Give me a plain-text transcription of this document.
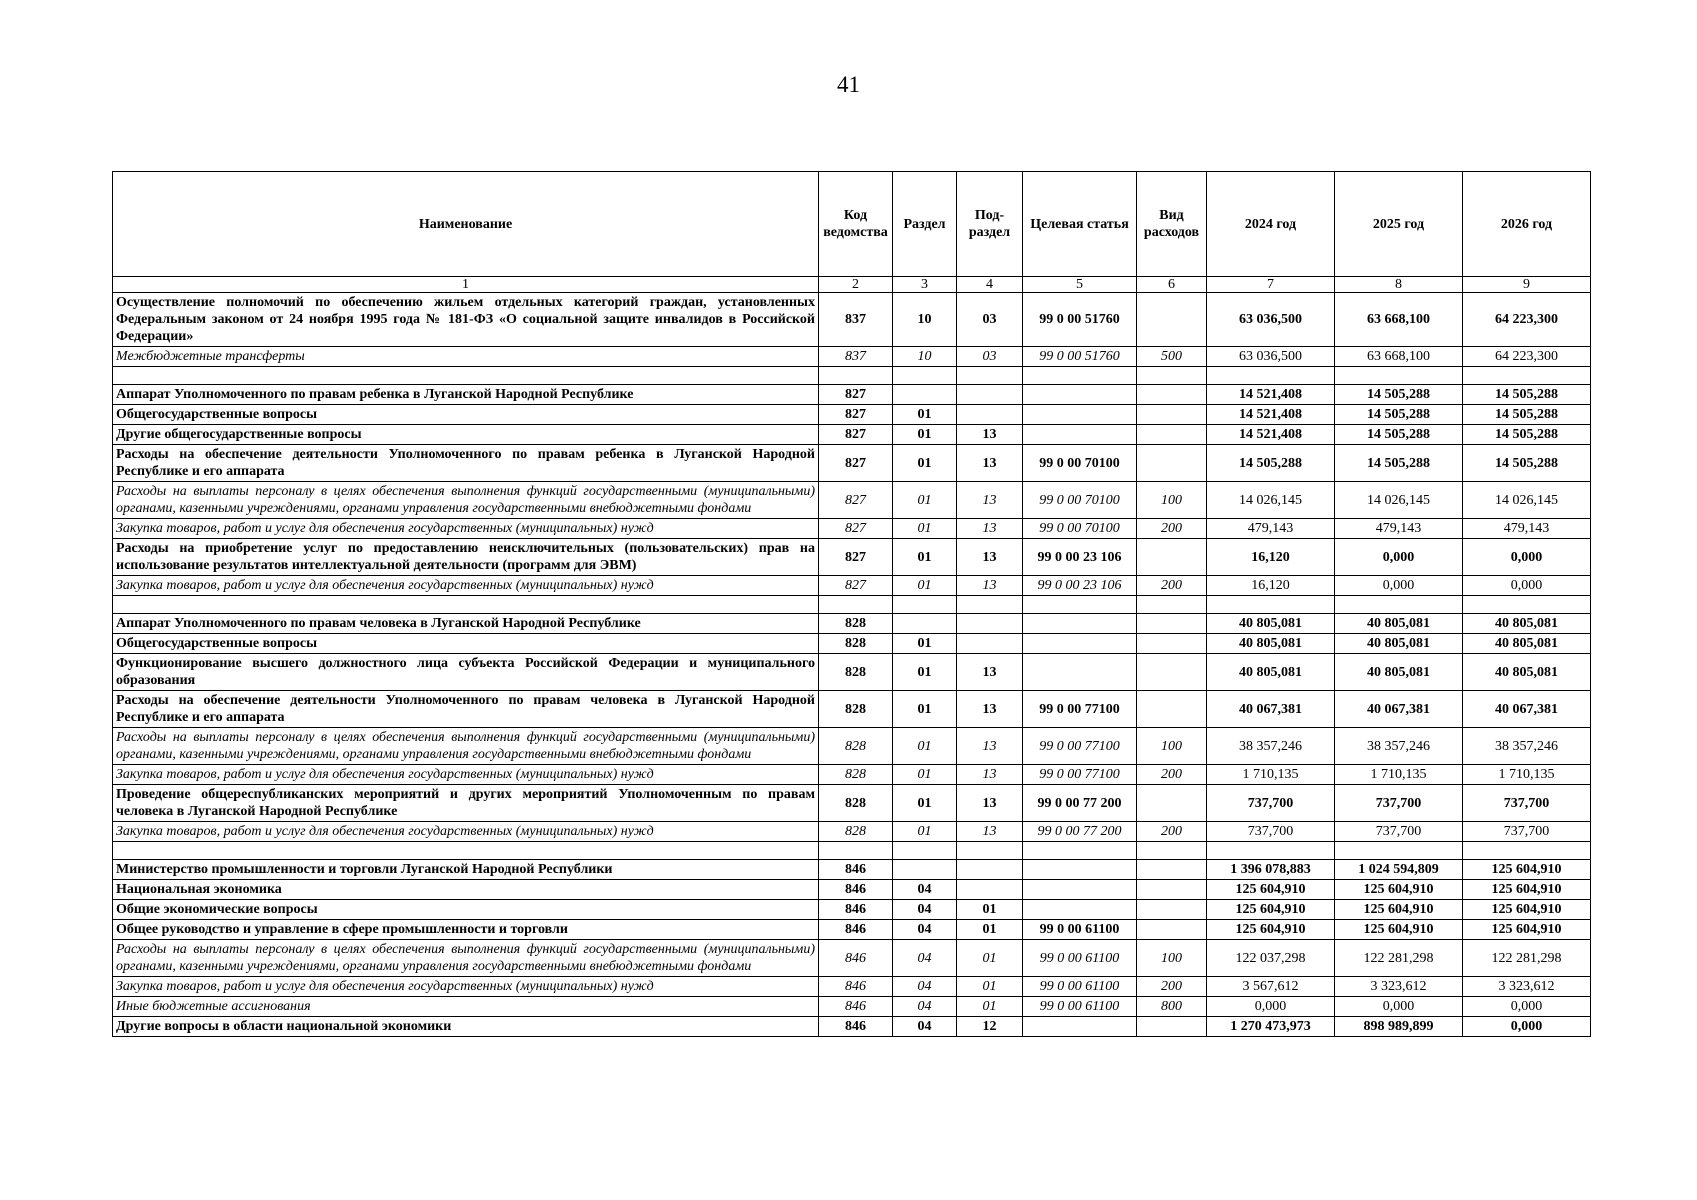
41
Наименование	Код ведомства	Раздел	Под-раздел	Целевая статья	Вид расходов	2024 год	2025 год	2026 год
1	2	3	4	5	6	7	8	9
Осуществление полномочий по обеспечению жильем отдельных категорий граждан, установленных Федеральным законом от 24 ноября 1995 года № 181-ФЗ «О социальной защите инвалидов в Российской Федерации»	837	10	03	99 0 00 51760		63 036,500	63 668,100	64 223,300
Межбюджетные трансферты	837	10	03	99 0 00 51760	500	63 036,500	63 668,100	64 223,300

Аппарат Уполномоченного по правам ребенка в Луганской Народной Республике	827					14 521,408	14 505,288	14 505,288
Общегосударственные вопросы	827	01				14 521,408	14 505,288	14 505,288
Другие общегосударственные вопросы	827	01	13			14 521,408	14 505,288	14 505,288
Расходы на обеспечение деятельности Уполномоченного по правам ребенка в Луганской Народной Республике и его аппарата	827	01	13	99 0 00 70100		14 505,288	14 505,288	14 505,288
Расходы на выплаты персоналу в целях обеспечения выполнения функций государственными (муниципальными) органами, казенными учреждениями, органами управления государственными внебюджетными фондами	827	01	13	99 0 00 70100	100	14 026,145	14 026,145	14 026,145
Закупка товаров, работ и услуг для обеспечения государственных (муниципальных) нужд	827	01	13	99 0 00 70100	200	479,143	479,143	479,143
Расходы на приобретение услуг по предоставлению неисключительных (пользовательских) прав на использование результатов интеллектуальной деятельности (программ для ЭВМ)	827	01	13	99 0 00 23 106		16,120	0,000	0,000
Закупка товаров, работ и услуг для обеспечения государственных (муниципальных) нужд	827	01	13	99 0 00 23 106	200	16,120	0,000	0,000

Аппарат Уполномоченного по правам человека в Луганской Народной Республике	828					40 805,081	40 805,081	40 805,081
Общегосударственные вопросы	828	01				40 805,081	40 805,081	40 805,081
Функционирование высшего должностного лица субъекта Российской Федерации и муниципального образования	828	01	13			40 805,081	40 805,081	40 805,081
Расходы на обеспечение деятельности Уполномоченного по правам человека в Луганской Народной Республике и его аппарата	828	01	13	99 0 00 77100		40 067,381	40 067,381	40 067,381
Расходы на выплаты персоналу в целях обеспечения выполнения функций государственными (муниципальными) органами, казенными учреждениями, органами управления государственными внебюджетными фондами	828	01	13	99 0 00 77100	100	38 357,246	38 357,246	38 357,246
Закупка товаров, работ и услуг для обеспечения государственных (муниципальных) нужд	828	01	13	99 0 00 77100	200	1 710,135	1 710,135	1 710,135
Проведение общереспубликанских мероприятий и других мероприятий Уполномоченным по правам человека в Луганской Народной Республике	828	01	13	99 0 00 77 200		737,700	737,700	737,700
Закупка товаров, работ и услуг для обеспечения государственных (муниципальных) нужд	828	01	13	99 0 00 77 200	200	737,700	737,700	737,700

Министерство промышленности и торговли Луганской Народной Республики	846					1 396 078,883	1 024 594,809	125 604,910
Национальная экономика	846	04				125 604,910	125 604,910	125 604,910
Общие экономические вопросы	846	04	01			125 604,910	125 604,910	125 604,910
Общее руководство и управление в сфере промышленности и торговли	846	04	01	99 0 00 61100		125 604,910	125 604,910	125 604,910
Расходы на выплаты персоналу в целях обеспечения выполнения функций государственными (муниципальными) органами, казенными учреждениями, органами управления государственными внебюджетными фондами	846	04	01	99 0 00 61100	100	122 037,298	122 281,298	122 281,298
Закупка товаров, работ и услуг для обеспечения государственных (муниципальных) нужд	846	04	01	99 0 00 61100	200	3 567,612	3 323,612	3 323,612
Иные бюджетные ассигнования	846	04	01	99 0 00 61100	800	0,000	0,000	0,000
Другие вопросы в области национальной экономики	846	04	12			1 270 473,973	898 989,899	0,000
